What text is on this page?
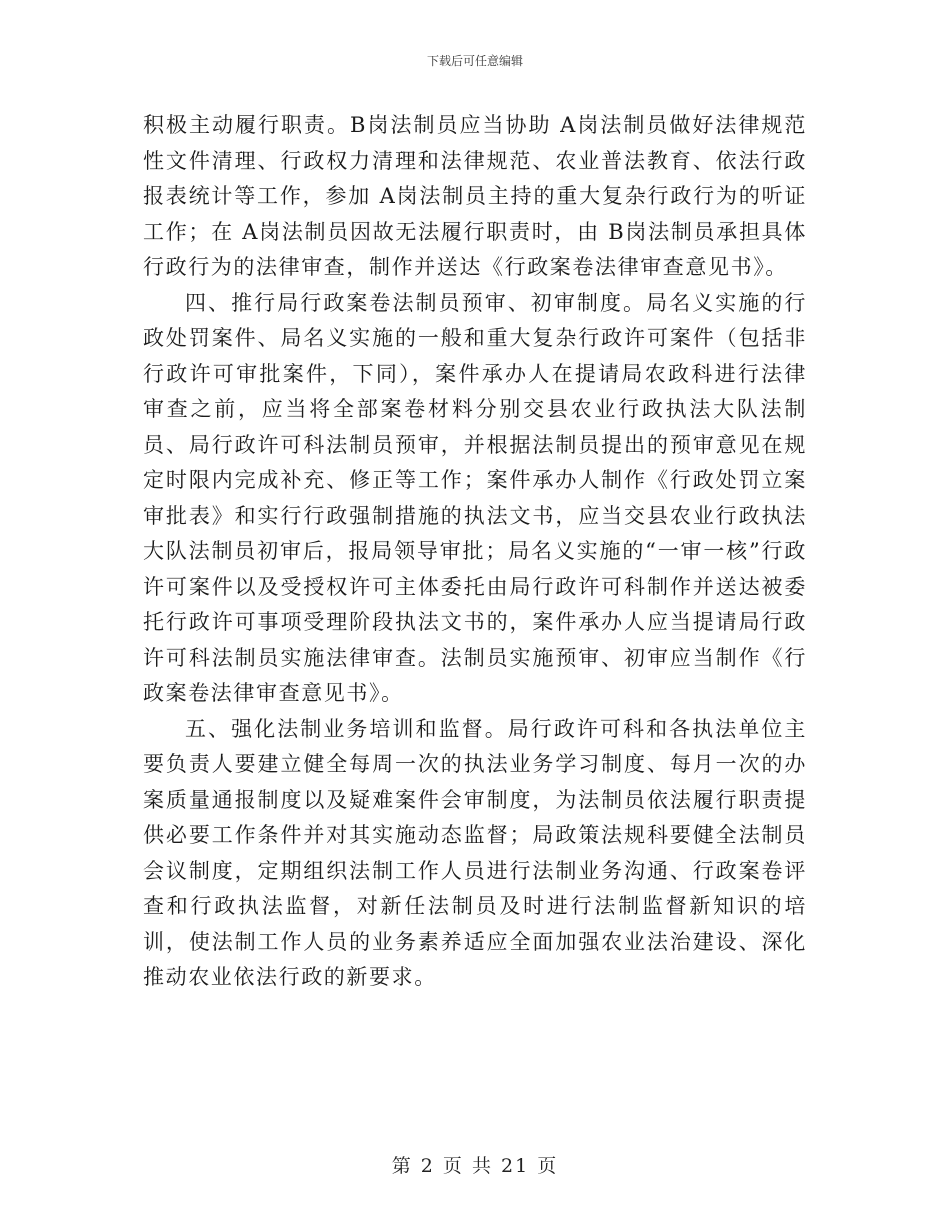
下载后可任意编辑

积极主动履行职责。B岗法制员应当协助 A岗法制员做好法律规范性文件清理、行政权力清理和法律规范、农业普法教育、依法行政报表统计等工作，参加 A岗法制员主持的重大复杂行政行为的听证工作；在 A岗法制员因故无法履行职责时，由 B岗法制员承担具体行政行为的法律审查，制作并送达《行政案卷法律审查意见书》。

四、推行局行政案卷法制员预审、初审制度。局名义实施的行政处罚案件、局名义实施的一般和重大复杂行政许可案件（包括非行政许可审批案件，下同），案件承办人在提请局农政科进行法律审查之前，应当将全部案卷材料分别交县农业行政执法大队法制员、局行政许可科法制员预审，并根据法制员提出的预审意见在规定时限内完成补充、修正等工作；案件承办人制作《行政处罚立案审批表》和实行行政强制措施的执法文书，应当交县农业行政执法大队法制员初审后，报局领导审批；局名义实施的“一审一核”行政许可案件以及受授权许可主体委托由局行政许可科制作并送达被委托行政许可事项受理阶段执法文书的，案件承办人应当提请局行政许可科法制员实施法律审查。法制员实施预审、初审应当制作《行政案卷法律审查意见书》。

五、强化法制业务培训和监督。局行政许可科和各执法单位主要负责人要建立健全每周一次的执法业务学习制度、每月一次的办案质量通报制度以及疑难案件会审制度，为法制员依法履行职责提供必要工作条件并对其实施动态监督；局政策法规科要健全法制员会议制度，定期组织法制工作人员进行法制业务沟通、行政案卷评查和行政执法监督，对新任法制员及时进行法制监督新知识的培训，使法制工作人员的业务素养适应全面加强农业法治建设、深化推动农业依法行政的新要求。

第 2 页 共 21 页
